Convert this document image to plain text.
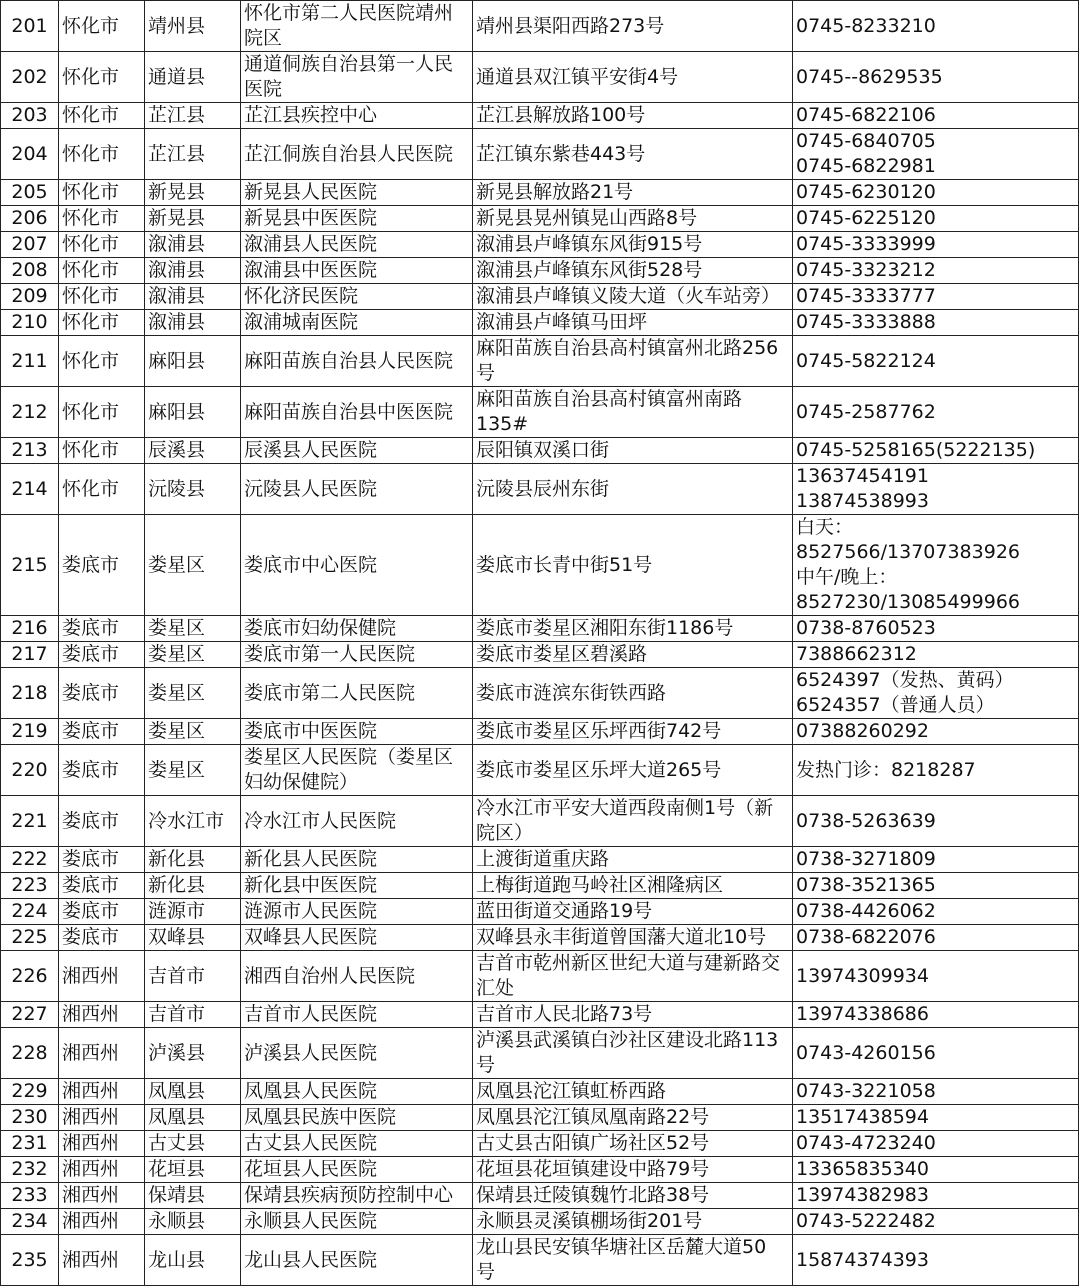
201	怀化市	靖州县	怀化市第二人民医院靖州
院区	靖州县渠阳西路273号	0745-8233210

202	怀化市	通道县	通道侗族自治县第一人民
医院	通道县双江镇平安街4号	0745--8629535

203	怀化市	芷江县	芷江县疾控中心	芷江县解放路100号	0745-6822106

204	怀化市	芷江县	芷江侗族自治县人民医院	芷江镇东紫巷443号	0745-6840705
0745-6822981

205	怀化市	新晃县	新晃县人民医院	新晃县解放路21号	0745-6230120

206	怀化市	新晃县	新晃县中医医院	新晃县晃州镇晃山西路8号	0745-6225120

207	怀化市	溆浦县	溆浦县人民医院	溆浦县卢峰镇东风街915号	0745-3333999

208	怀化市	溆浦县	溆浦县中医医院	溆浦县卢峰镇东风街528号	0745-3323212

209	怀化市	溆浦县	怀化济民医院	溆浦县卢峰镇义陵大道（火车站旁）	0745-3333777

210	怀化市	溆浦县	溆浦城南医院	溆浦县卢峰镇马田坪	0745-3333888

211	怀化市	麻阳县	麻阳苗族自治县人民医院	麻阳苗族自治县高村镇富州北路256
号	0745-5822124

212	怀化市	麻阳县	麻阳苗族自治县中医医院	麻阳苗族自治县高村镇富州南路
135#	0745-2587762

213	怀化市	辰溪县	辰溪县人民医院	辰阳镇双溪口街	0745-5258165(5222135)

214	怀化市	沅陵县	沅陵县人民医院	沅陵县辰州东街	13637454191
13874538993

215	娄底市	娄星区	娄底市中心医院	娄底市长青中街51号	白天：
8527566/13707383926
中午/晚上：
8527230/13085499966

216	娄底市	娄星区	娄底市妇幼保健院	娄底市娄星区湘阳东街1186号	0738-8760523

217	娄底市	娄星区	娄底市第一人民医院	娄底市娄星区碧溪路	7388662312

218	娄底市	娄星区	娄底市第二人民医院	娄底市涟滨东街铁西路	6524397（发热、黄码）
6524357（普通人员）

219	娄底市	娄星区	娄底市中医医院	娄底市娄星区乐坪西街742号	07388260292

220	娄底市	娄星区	娄星区人民医院（娄星区
妇幼保健院）	娄底市娄星区乐坪大道265号	发热门诊：8218287

221	娄底市	冷水江市	冷水江市人民医院	冷水江市平安大道西段南侧1号（新
院区）	0738-5263639

222	娄底市	新化县	新化县人民医院	上渡街道重庆路	0738-3271809

223	娄底市	新化县	新化县中医医院	上梅街道跑马岭社区湘隆病区	0738-3521365

224	娄底市	涟源市	涟源市人民医院	蓝田街道交通路19号	0738-4426062

225	娄底市	双峰县	双峰县人民医院	双峰县永丰街道曾国藩大道北10号	0738-6822076

226	湘西州	吉首市	湘西自治州人民医院	吉首市乾州新区世纪大道与建新路交
汇处	13974309934

227	湘西州	吉首市	吉首市人民医院	吉首市人民北路73号	13974338686

228	湘西州	泸溪县	泸溪县人民医院	泸溪县武溪镇白沙社区建设北路113
号	0743-4260156

229	湘西州	凤凰县	凤凰县人民医院	凤凰县沱江镇虹桥西路	0743-3221058

230	湘西州	凤凰县	凤凰县民族中医院	凤凰县沱江镇凤凰南路22号	13517438594

231	湘西州	古丈县	古丈县人民医院	古丈县古阳镇广场社区52号	0743-4723240

232	湘西州	花垣县	花垣县人民医院	花垣县花垣镇建设中路79号	13365835340

233	湘西州	保靖县	保靖县疾病预防控制中心	保靖县迁陵镇魏竹北路38号	13974382983

234	湘西州	永顺县	永顺县人民医院	永顺县灵溪镇棚场街201号	0743-5222482

235	湘西州	龙山县	龙山县人民医院	龙山县民安镇华塘社区岳麓大道50
号	15874374393
